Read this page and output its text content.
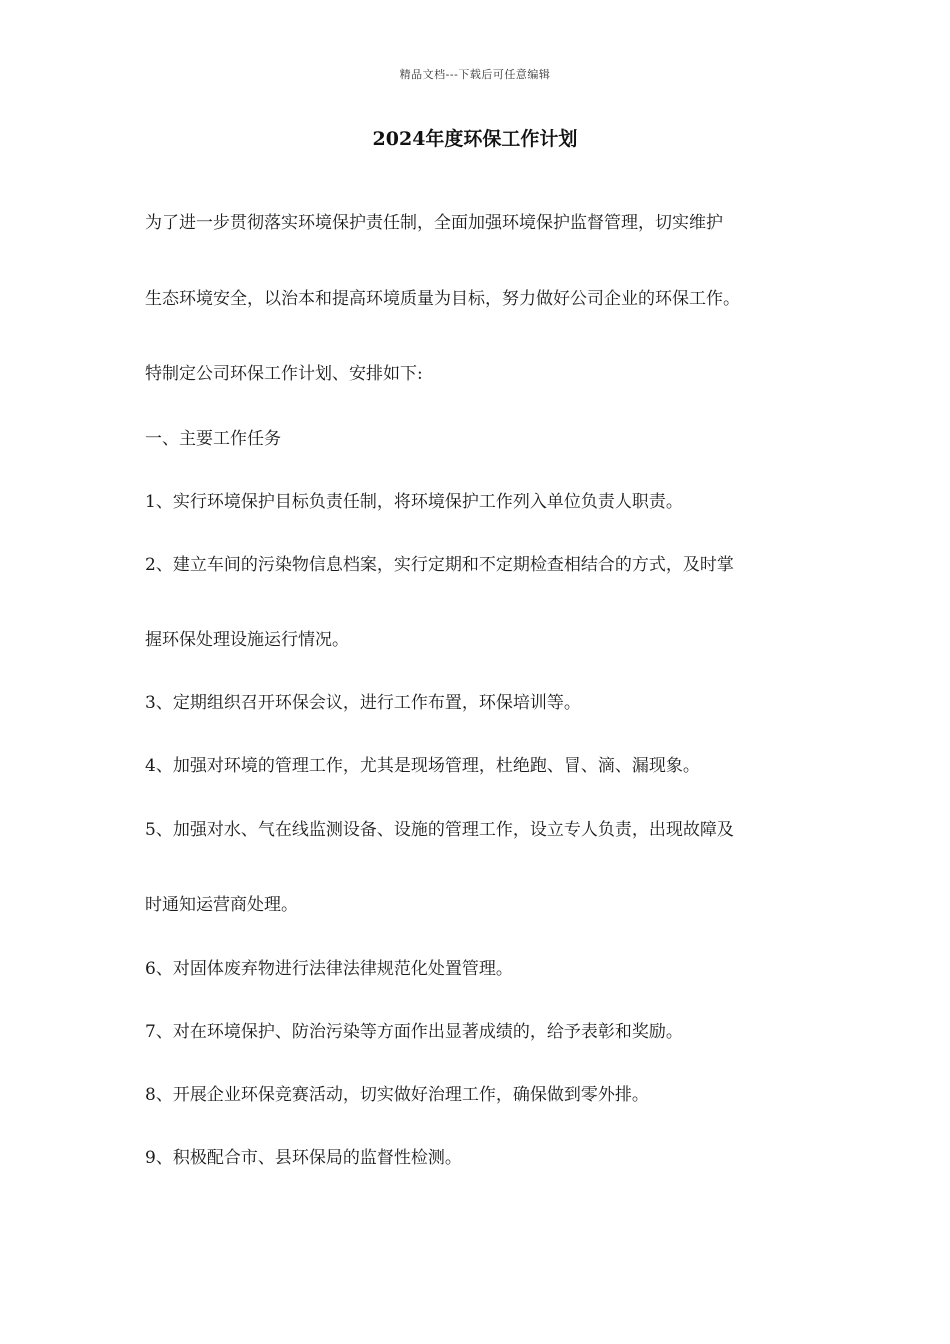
精品文档---下载后可任意编辑
2024年度环保工作计划
为了进一步贯彻落实环境保护责任制，全面加强环境保护监督管理，切实维护
生态环境安全，以治本和提高环境质量为目标，努力做好公司企业的环保工作。
特制定公司环保工作计划、安排如下:
一、主要工作任务
1、实行环境保护目标负责任制，将环境保护工作列入单位负责人职责。
2、建立车间的污染物信息档案，实行定期和不定期检查相结合的方式，及时掌
握环保处理设施运行情况。
3、定期组织召开环保会议，进行工作布置，环保培训等。
4、加强对环境的管理工作，尤其是现场管理，杜绝跑、冒、滴、漏现象。
5、加强对水、气在线监测设备、设施的管理工作，设立专人负责，出现故障及
时通知运营商处理。
6、对固体废弃物进行法律法律规范化处置管理。
7、对在环境保护、防治污染等方面作出显著成绩的，给予表彰和奖励。
8、开展企业环保竞赛活动，切实做好治理工作，确保做到零外排。
9、积极配合市、县环保局的监督性检测。
